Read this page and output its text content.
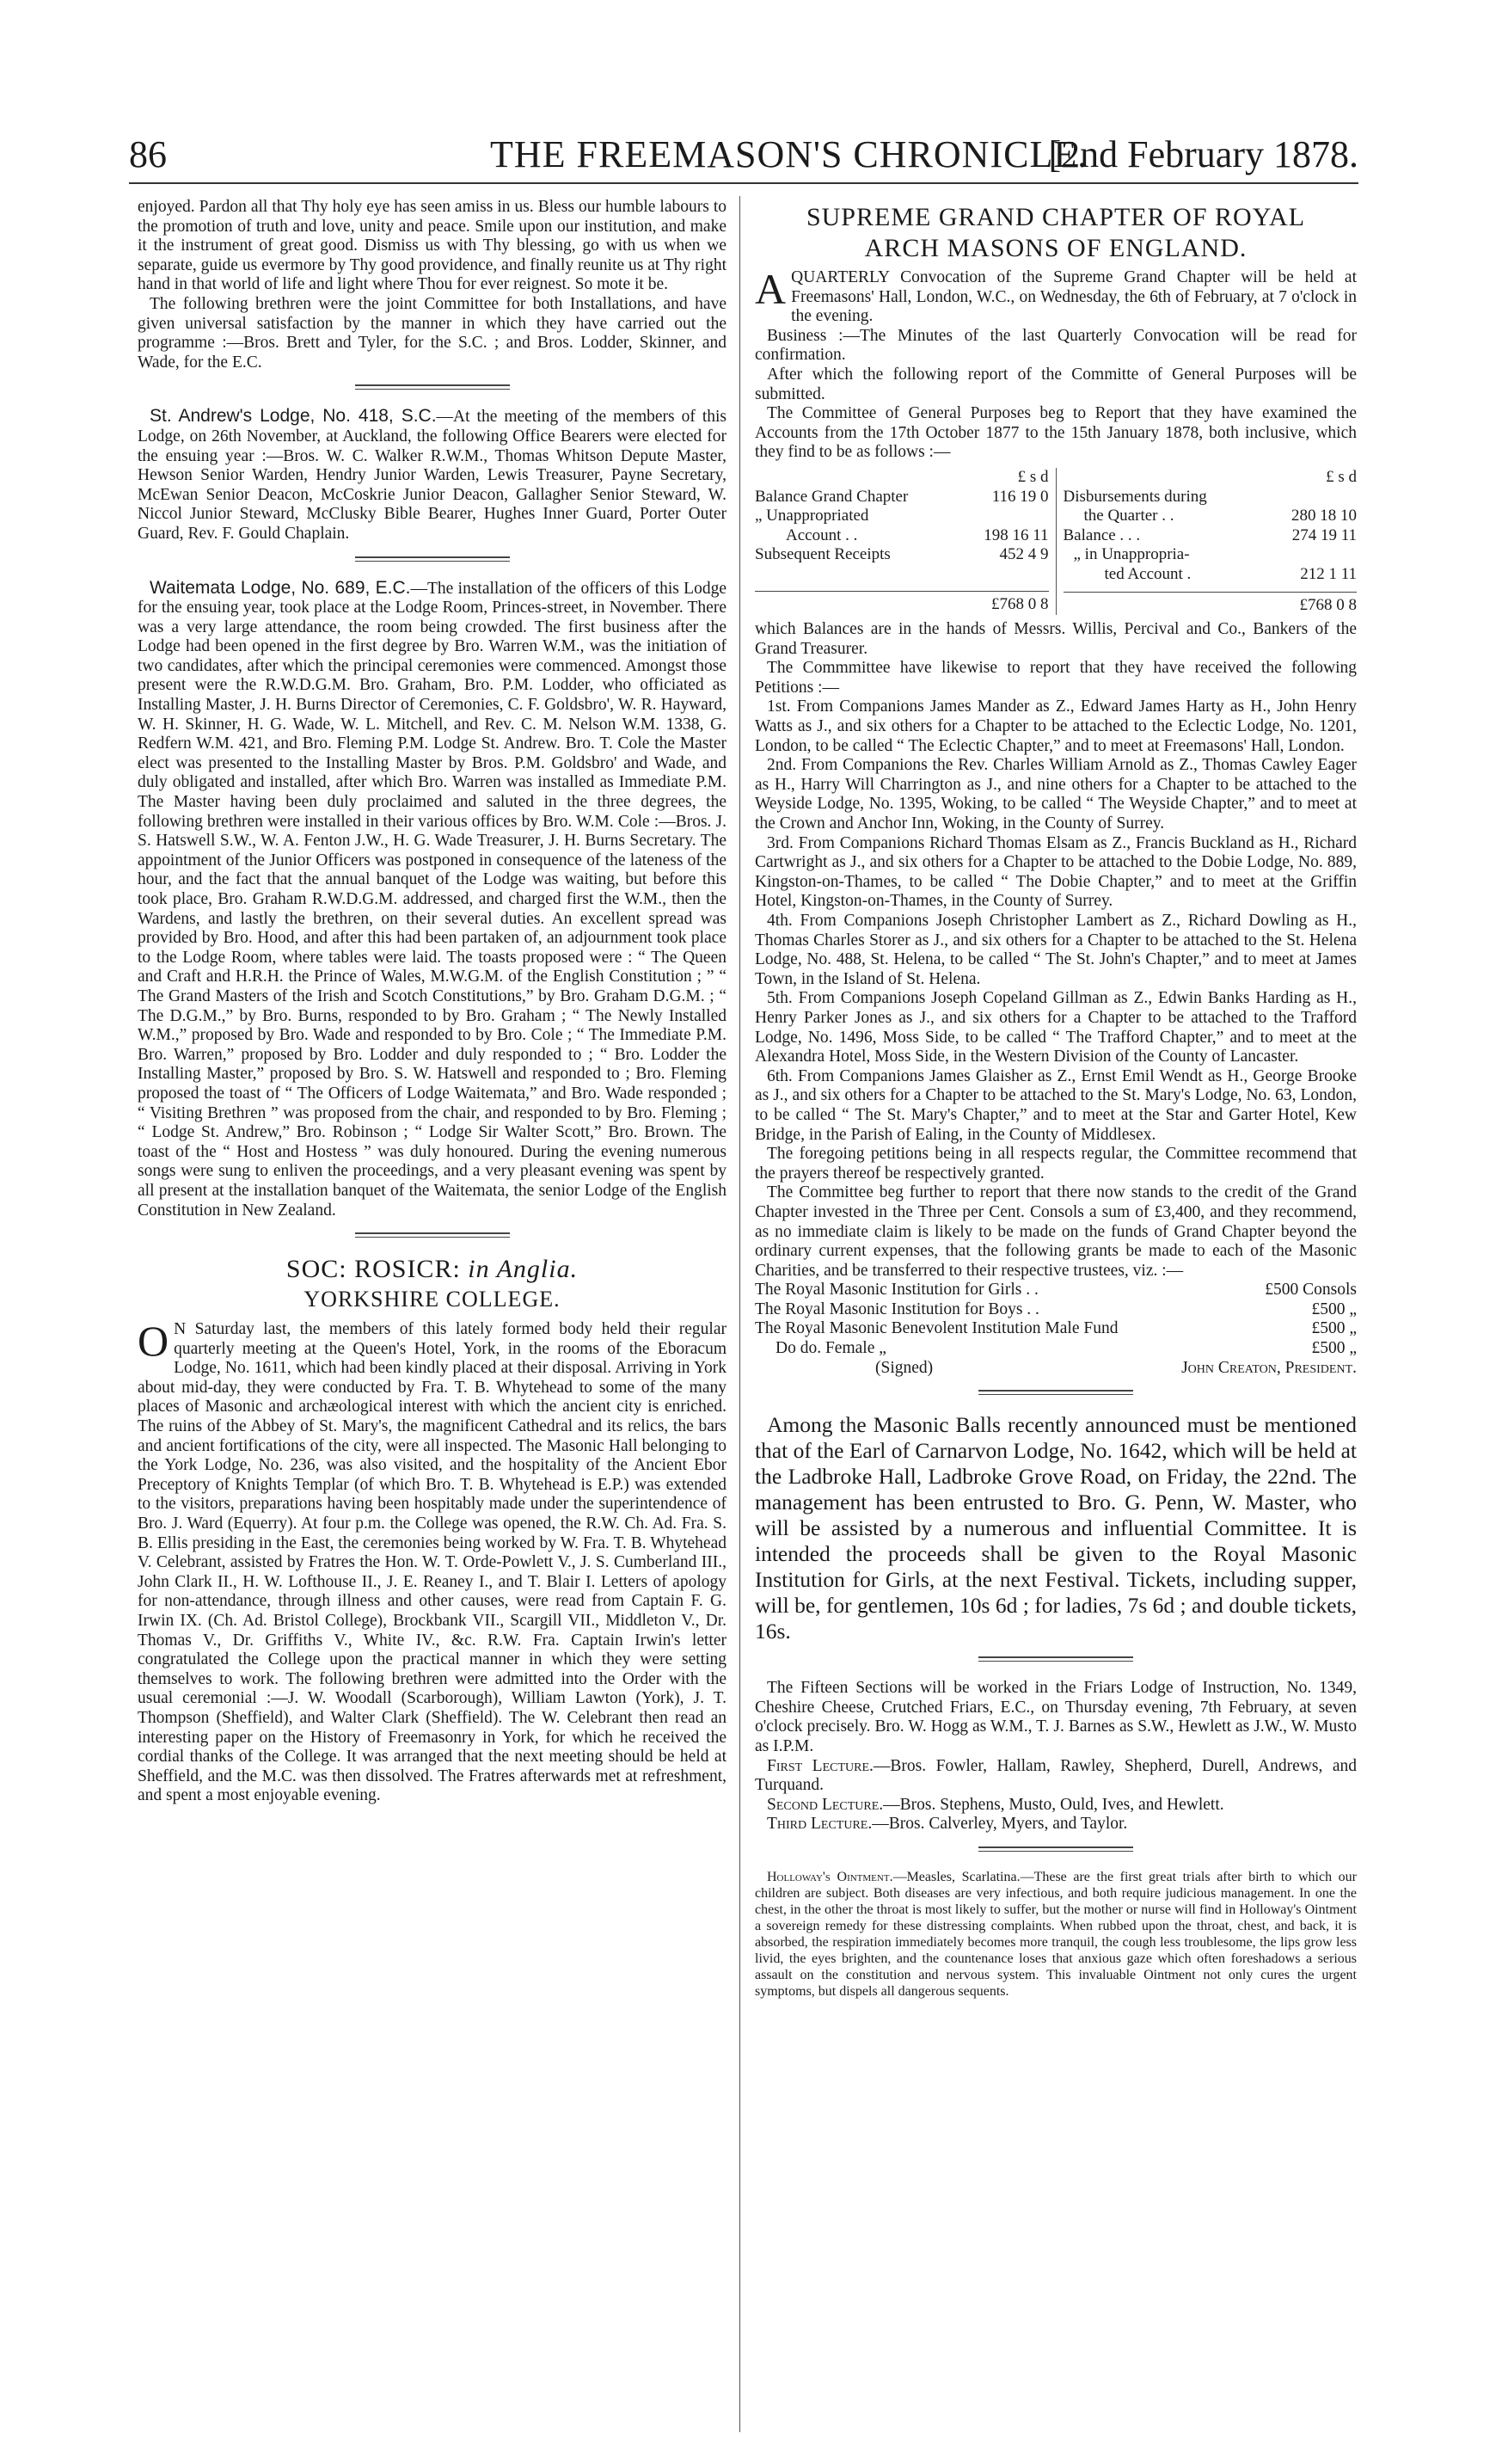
86	THE FREEMASON'S CHRONICLE.
[2nd February 1878.

enjoyed. Pardon all that Thy holy eye has seen amiss in us. Bless our humble labours to the promotion of truth and love, unity and peace. Smile upon our institution, and make it the instrument of great good. Dismiss us with Thy blessing, go with us when we separate, guide us evermore by Thy good providence, and finally reunite us at Thy right hand in that world of life and light where Thou for ever reignest. So mote it be.

The following brethren were the joint Committee for both Installations, and have given universal satisfaction by the manner in which they have carried out the programme :—Bros. Brett and Tyler, for the S.C. ; and Bros. Lodder, Skinner, and Wade, for the E.C.

St. Andrew's Lodge, No. 418, S.C.—At the meeting of the members of this Lodge, on 26th November, at Auckland, the following Office Bearers were elected for the ensuing year :—Bros. W. C. Walker R.W.M., Thomas Whitson Depute Master, Hewson Senior Warden, Hendry Junior Warden, Lewis Treasurer, Payne Secretary, McEwan Senior Deacon, McCoskrie Junior Deacon, Gallagher Senior Steward, W. Niccol Junior Steward, McClusky Bible Bearer, Hughes Inner Guard, Porter Outer Guard, Rev. F. Gould Chaplain.

Waitemata Lodge, No. 689, E.C.—The installation of the officers of this Lodge for the ensuing year, took place at the Lodge Room, Princes-street, in November. There was a very large attendance, the room being crowded. The first business after the Lodge had been opened in the first degree by Bro. Warren W.M., was the initiation of two candidates, after which the principal ceremonies were commenced. Amongst those present were the R.W.D.G.M. Bro. Graham, Bro. P.M. Lodder, who officiated as Installing Master, J. H. Burns Director of Ceremonies, C. F. Goldsbro', W. R. Hayward, W. H. Skinner, H. G. Wade, W. L. Mitchell, and Rev. C. M. Nelson W.M. 1338, G. Redfern W.M. 421, and Bro. Fleming P.M. Lodge St. Andrew. Bro. T. Cole the Master elect was presented to the Installing Master by Bros. P.M. Goldsbro' and Wade, and duly obligated and installed, after which Bro. Warren was installed as Immediate P.M. The Master having been duly proclaimed and saluted in the three degrees, the following brethren were installed in their various offices by Bro. W.M. Cole :—Bros. J. S. Hatswell S.W., W. A. Fenton J.W., H. G. Wade Treasurer, J. H. Burns Secretary. The appointment of the Junior Officers was postponed in consequence of the lateness of the hour, and the fact that the annual banquet of the Lodge was waiting, but before this took place, Bro. Graham R.W.D.G.M. addressed, and charged first the W.M., then the Wardens, and lastly the brethren, on their several duties. An excellent spread was provided by Bro. Hood, and after this had been partaken of, an adjournment took place to the Lodge Room, where tables were laid. The toasts proposed were : “ The Queen and Craft and H.R.H. the Prince of Wales, M.W.G.M. of the English Constitution ; ” “ The Grand Masters of the Irish and Scotch Constitutions,” by Bro. Graham D.G.M. ; “ The D.G.M.,” by Bro. Burns, responded to by Bro. Graham ; “ The Newly Installed W.M.,” proposed by Bro. Wade and responded to by Bro. Cole ; “ The Immediate P.M. Bro. Warren,” proposed by Bro. Lodder and duly responded to ; “ Bro. Lodder the Installing Master,” proposed by Bro. S. W. Hatswell and responded to ; Bro. Fleming proposed the toast of “ The Officers of Lodge Waitemata,” and Bro. Wade responded ; “ Visiting Brethren ” was proposed from the chair, and responded to by Bro. Fleming ; “ Lodge St. Andrew,” Bro. Robinson ; “ Lodge Sir Walter Scott,” Bro. Brown. The toast of the “ Host and Hostess ” was duly honoured. During the evening numerous songs were sung to enliven the proceedings, and a very pleasant evening was spent by all present at the installation banquet of the Waitemata, the senior Lodge of the English Constitution in New Zealand.

SOC: ROSICR: in Anglia.
YORKSHIRE COLLEGE.

O N Saturday last, the members of this lately formed body held their regular quarterly meeting at the Queen's Hotel, York, in the rooms of the Eboracum Lodge, No. 1611, which had been kindly placed at their disposal. Arriving in York about mid-day, they were conducted by Fra. T. B. Whytehead to some of the many places of Masonic and archæological interest with which the ancient city is enriched. The ruins of the Abbey of St. Mary's, the magnificent Cathedral and its relics, the bars and ancient fortifications of the city, were all inspected. The Masonic Hall belonging to the York Lodge, No. 236, was also visited, and the hospitality of the Ancient Ebor Preceptory of Knights Templar (of which Bro. T. B. Whytehead is E.P.) was extended to the visitors, preparations having been hospitably made under the superintendence of Bro. J. Ward (Equerry). At four p.m. the College was opened, the R.W. Ch. Ad. Fra. S. B. Ellis presiding in the East, the ceremonies being worked by W. Fra. T. B. Whytehead V. Celebrant, assisted by Fratres the Hon. W. T. Orde-Powlett V., J. S. Cumberland III., John Clark II., H. W. Lofthouse II., J. E. Reaney I., and T. Blair I. Letters of apology for non-attendance, through illness and other causes, were read from Captain F. G. Irwin IX. (Ch. Ad. Bristol College), Brockbank VII., Scargill VII., Middleton V., Dr. Thomas V., Dr. Griffiths V., White IV., &c. R.W. Fra. Captain Irwin's letter congratulated the College upon the practical manner in which they were setting themselves to work. The following brethren were admitted into the Order with the usual ceremonial :—J. W. Woodall (Scarborough), William Lawton (York), J. T. Thompson (Sheffield), and Walter Clark (Sheffield). The W. Celebrant then read an interesting paper on the History of Freemasonry in York, for which he received the cordial thanks of the College. It was arranged that the next meeting should be held at Sheffield, and the M.C. was then dissolved. The Fratres afterwards met at refreshment, and spent a most enjoyable evening.

SUPREME GRAND CHAPTER OF ROYAL
ARCH MASONS OF ENGLAND.

A QUARTERLY Convocation of the Supreme Grand Chapter will be held at Freemasons' Hall, London, W.C., on Wednesday, the 6th of February, at 7 o'clock in the evening.

Business :—The Minutes of the last Quarterly Convocation will be read for confirmation.

After which the following report of the Committe of General Purposes will be submitted.

The Committee of General Purposes beg to Report that they have examined the Accounts from the 17th October 1877 to the 15th January 1878, both inclusive, which they find to be as follows :—

£ s d
Balance Grand Chapter	116 19 0
„ Unappropriated
Account . .	198 16 11
Subsequent Receipts	452 4 9
£768 0 8
£ s d
Disbursements during
the Quarter . .	280 18 10
Balance . . .	274 19 11
„ in Unappropria-
ted Account .	212 1 11
£768 0 8

which Balances are in the hands of Messrs. Willis, Percival and Co., Bankers of the Grand Treasurer.

The Commmittee have likewise to report that they have received the following Petitions :—

1st. From Companions James Mander as Z., Edward James Harty as H., John Henry Watts as J., and six others for a Chapter to be attached to the Eclectic Lodge, No. 1201, London, to be called “ The Eclectic Chapter,” and to meet at Freemasons' Hall, London.

2nd. From Companions the Rev. Charles William Arnold as Z., Thomas Cawley Eager as H., Harry Will Charrington as J., and nine others for a Chapter to be attached to the Weyside Lodge, No. 1395, Woking, to be called “ The Weyside Chapter,” and to meet at the Crown and Anchor Inn, Woking, in the County of Surrey.

3rd. From Companions Richard Thomas Elsam as Z., Francis Buckland as H., Richard Cartwright as J., and six others for a Chapter to be attached to the Dobie Lodge, No. 889, Kingston-on-Thames, to be called “ The Dobie Chapter,” and to meet at the Griffin Hotel, Kingston-on-Thames, in the County of Surrey.

4th. From Companions Joseph Christopher Lambert as Z., Richard Dowling as H., Thomas Charles Storer as J., and six others for a Chapter to be attached to the St. Helena Lodge, No. 488, St. Helena, to be called “ The St. John's Chapter,” and to meet at James Town, in the Island of St. Helena.

5th. From Companions Joseph Copeland Gillman as Z., Edwin Banks Harding as H., Henry Parker Jones as J., and six others for a Chapter to be attached to the Trafford Lodge, No. 1496, Moss Side, to be called “ The Trafford Chapter,” and to meet at the Alexandra Hotel, Moss Side, in the Western Division of the County of Lancaster.

6th. From Companions James Glaisher as Z., Ernst Emil Wendt as H., George Brooke as J., and six others for a Chapter to be attached to the St. Mary's Lodge, No. 63, London, to be called “ The St. Mary's Chapter,” and to meet at the Star and Garter Hotel, Kew Bridge, in the Parish of Ealing, in the County of Middlesex.

The foregoing petitions being in all respects regular, the Committee recommend that the prayers thereof be respectively granted.

The Committee beg further to report that there now stands to the credit of the Grand Chapter invested in the Three per Cent. Consols a sum of £3,400, and they recommend, as no immediate claim is likely to be made on the funds of Grand Chapter beyond the ordinary current expenses, that the following grants be made to each of the Masonic Charities, and be transferred to their respective trustees, viz. :—

The Royal Masonic Institution for Girls . .	£500 Consols
The Royal Masonic Institution for Boys . .	£500 „
The Royal Masonic Benevolent Institution Male Fund	£500 „
Do do. Female „	£500 „
(Signed)	John Creaton, President.

Among the Masonic Balls recently announced must be mentioned that of the Earl of Carnarvon Lodge, No. 1642, which will be held at the Ladbroke Hall, Ladbroke Grove Road, on Friday, the 22nd. The management has been entrusted to Bro. G. Penn, W. Master, who will be assisted by a numerous and influential Committee. It is intended the proceeds shall be given to the Royal Masonic Institution for Girls, at the next Festival. Tickets, including supper, will be, for gentlemen, 10s 6d ; for ladies, 7s 6d ; and double tickets, 16s.

The Fifteen Sections will be worked in the Friars Lodge of Instruction, No. 1349, Cheshire Cheese, Crutched Friars, E.C., on Thursday evening, 7th February, at seven o'clock precisely. Bro. W. Hogg as W.M., T. J. Barnes as S.W., Hewlett as J.W., W. Musto as I.P.M.

First Lecture.—Bros. Fowler, Hallam, Rawley, Shepherd, Durell, Andrews, and Turquand.

Second Lecture.—Bros. Stephens, Musto, Ould, Ives, and Hewlett.

Third Lecture.—Bros. Calverley, Myers, and Taylor.

Holloway's Ointment.—Measles, Scarlatina.—These are the first great trials after birth to which our children are subject. Both diseases are very infectious, and both require judicious management. In one the chest, in the other the throat is most likely to suffer, but the mother or nurse will find in Holloway's Ointment a sovereign remedy for these distressing complaints. When rubbed upon the throat, chest, and back, it is absorbed, the respiration immediately becomes more tranquil, the cough less troublesome, the lips grow less livid, the eyes brighten, and the countenance loses that anxious gaze which often foreshadows a serious assault on the constitution and nervous system. This invaluable Ointment not only cures the urgent symptoms, but dispels all dangerous sequents.
